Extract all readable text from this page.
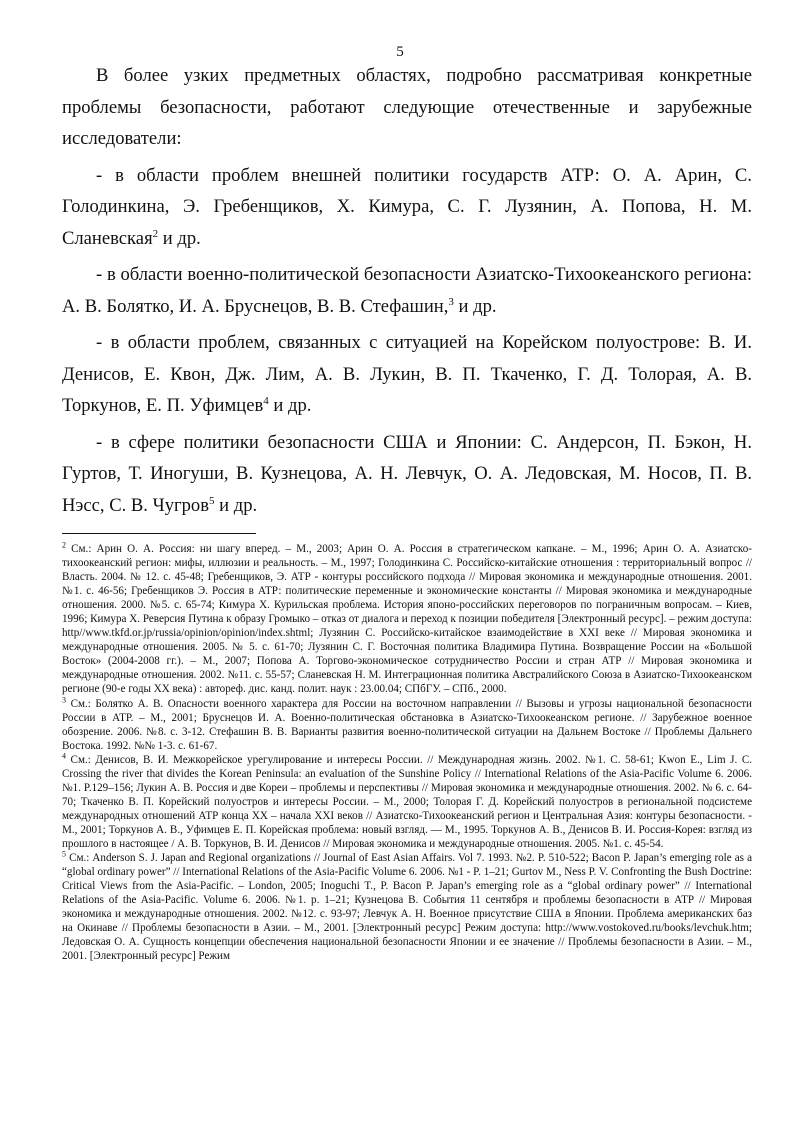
5

В более узких предметных областях, подробно рассматривая конкретные проблемы безопасности, работают следующие отечественные и зарубежные исследователи:

- в области проблем внешней политики государств АТР: О. А. Арин, С. Голодинкина, Э. Гребенщиков, Х. Кимура, С. Г. Лузянин, А. Попова, Н. М. Сланевская$^2$ и др.

- в области военно-политической безопасности Азиатско-Тихоокеанского региона: А. В. Болятко, И. А. Бруснецов, В. В. Стефашин,$^3$ и др.

- в области проблем, связанных с ситуацией на Корейском полуострове: В. И. Денисов, Е. Квон, Дж. Лим, А. В. Лукин, В. П. Ткаченко, Г. Д. Толорая, А. В. Торкунов, Е. П. Уфимцев$^4$ и др.

- в сфере политики безопасности США и Японии: С. Андерсон, П. Бэкон, Н. Гуртов, Т. Иногуши, В. Кузнецова, А. Н. Левчук, О. А. Ледовская, М. Носов, П. В. Нэсс, С. В. Чугров$^5$ и др.

$^2$ См.: Арин О. А. Россия: ни шагу вперед. – М., 2003; Арин О. А. Россия в стратегическом капкане. – М., 1996; Арин О. А. Азиатско-тихоокеанский регион: мифы, иллюзии и реальность. – М., 1997; Голодинкина С. Российско-китайские отношения : территориальный вопрос // Власть. 2004. № 12. с. 45-48; Гребенщиков, Э. АТР - контуры российского подхода // Мировая экономика и международные отношения. 2001. №1. с. 46-56; Гребенщиков Э. Россия в АТР: политические переменные и экономические константы // Мировая экономика и международные отношения. 2000. №5. с. 65-74; Кимура Х. Курильская проблема. История японо-российских переговоров по пограничным вопросам. – Киев, 1996; Кимура Х. Реверсия Путина к образу Громыко – отказ от диалога и переход к позиции победителя [Электронный ресурс]. – режим доступа: http//www.tkfd.or.jp/russia/opinion/opinion/index.shtml; Лузянин С. Российско-китайское взаимодействие в XXI веке // Мировая экономика и международные отношения. 2005. № 5. с. 61-70; Лузянин С. Г. Восточная политика Владимира Путина. Возвращение России на «Большой Восток» (2004-2008 гг.). – М., 2007; Попова А. Торгово-экономическое сотрудничество России и стран АТР // Мировая экономика и международные отношения. 2002. №11. с. 55-57; Сланевская Н. М. Интеграционная политика Австралийского Союза в Азиатско-Тихоокеанском регионе (90-е годы XX века) : автореф. дис. канд. полит. наук : 23.00.04; СПбГУ. – СПб., 2000.

$^3$ См.: Болятко А. В. Опасности военного характера для России на восточном направлении // Вызовы и угрозы национальной безопасности России в АТР. – М., 2001; Бруснецов И. А. Военно-политическая обстановка в Азиатско-Тихоокеанском регионе. // Зарубежное военное обозрение. 2006. №8. с. 3-12. Стефашин В. В. Варианты развития военно-политической ситуации на Дальнем Востоке // Проблемы Дальнего Востока. 1992. №№ 1-3. с. 61-67.

$^4$ См.: Денисов, В. И. Межкорейское урегулирование и интересы России. // Международная жизнь. 2002. №1. С. 58-61; Kwon E., Lim J. C. Crossing the river that divides the Korean Peninsula: an evaluation of the Sunshine Policy // International Relations of the Asia-Pacific Volume 6. 2006. №1. P.129–156; Лукин А. В. Россия и две Кореи – проблемы и перспективы // Мировая экономика и международные отношения. 2002. № 6. с. 64-70; Ткаченко В. П. Корейский полуостров и интересы России. – М., 2000; Толорая Г. Д. Корейский полуостров в региональной подсистеме международных отношений АТР конца XX – начала XXI веков // Азиатско-Тихоокеанский регион и Центральная Азия: контуры безопасности. - М., 2001; Торкунов А. В., Уфимцев Е. П. Корейская проблема: новый взгляд. — М., 1995. Торкунов А. В., Денисов В. И. Россия-Корея: взгляд из прошлого в настоящее / А. В. Торкунов, В. И. Денисов // Мировая экономика и международные отношения. 2005. №1. с. 45-54.

$^5$ См.: Anderson S. J. Japan and Regional organizations // Journal of East Asian Affairs. Vol 7. 1993. №2. P. 510-522; Bacon P. Japan’s emerging role as a “global ordinary power” // International Relations of the Asia-Pacific Volume 6. 2006. №1 - P. 1–21; Gurtov M., Ness P. V. Confronting the Bush Doctrine: Critical Views from the Asia-Pacific. – London, 2005; Inoguchi T., P. Bacon P. Japan’s emerging role as a “global ordinary power” // International Relations of the Asia-Pacific. Volume 6. 2006. №1. p. 1–21; Кузнецова В. События 11 сентября и проблемы безопасности в АТР // Мировая экономика и международные отношения. 2002. №12. с. 93-97; Левчук А. Н. Военное присутствие США в Японии. Проблема американских баз на Окинаве // Проблемы безопасности в Азии. – М., 2001. [Электронный ресурс] Режим доступа: http://www.vostokoved.ru/books/levchuk.htm; Ледовская О. А. Сущность концепции обеспечения национальной безопасности Японии и ее значение // Проблемы безопасности в Азии. – М., 2001. [Электронный ресурс] Режим
